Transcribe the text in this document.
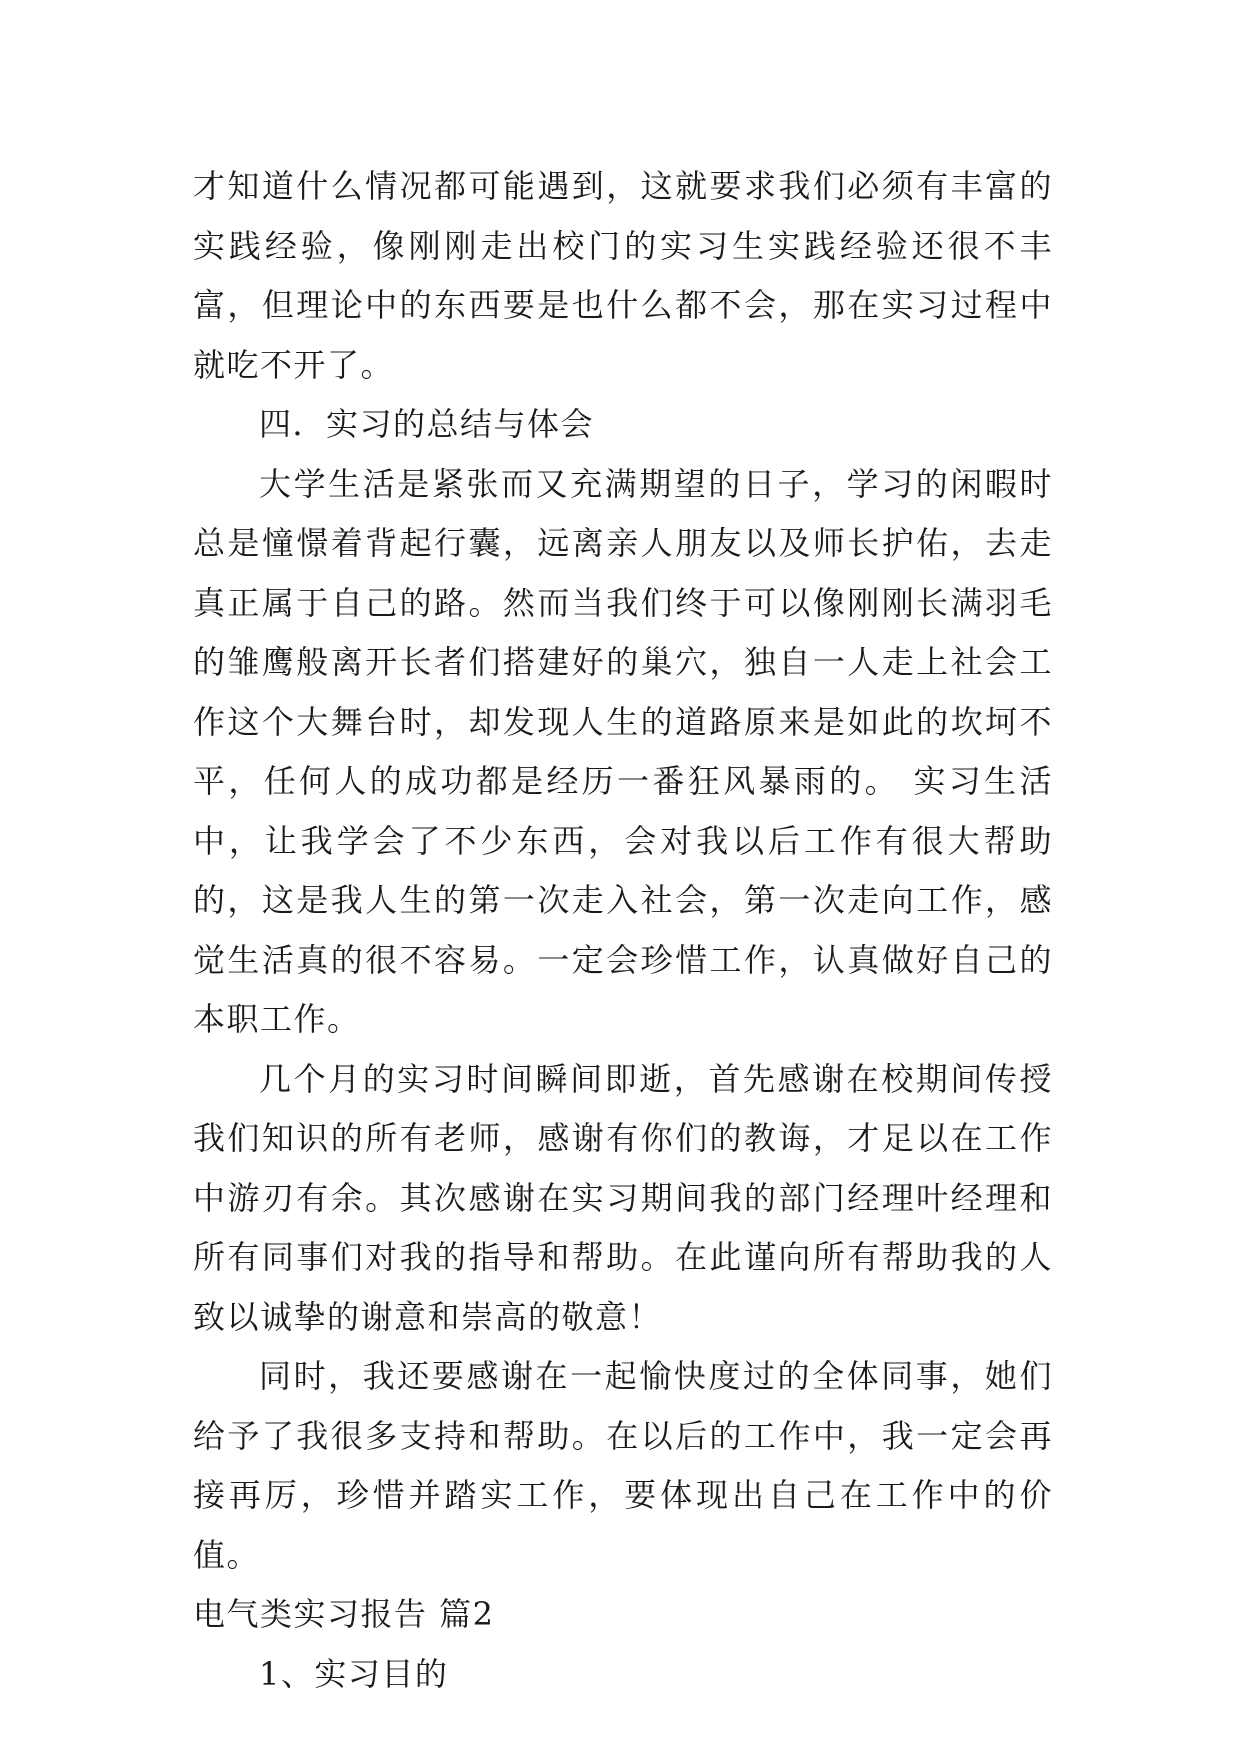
才知道什么情况都可能遇到，这就要求我们必须有丰富的实践经验，像刚刚走出校门的实习生实践经验还很不丰富，但理论中的东西要是也什么都不会，那在实习过程中就吃不开了。

四．实习的总结与体会

大学生活是紧张而又充满期望的日子，学习的闲暇时总是憧憬着背起行囊，远离亲人朋友以及师长护佑，去走真正属于自己的路。然而当我们终于可以像刚刚长满羽毛的雏鹰般离开长者们搭建好的巢穴，独自一人走上社会工作这个大舞台时，却发现人生的道路原来是如此的坎坷不平，任何人的成功都是经历一番狂风暴雨的。 实习生活中，让我学会了不少东西，会对我以后工作有很大帮助的，这是我人生的第一次走入社会，第一次走向工作，感觉生活真的很不容易。一定会珍惜工作，认真做好自己的本职工作。

几个月的实习时间瞬间即逝，首先感谢在校期间传授我们知识的所有老师，感谢有你们的教诲，才足以在工作中游刃有余。其次感谢在实习期间我的部门经理叶经理和所有同事们对我的指导和帮助。在此谨向所有帮助我的人致以诚挚的谢意和崇高的敬意！

同时，我还要感谢在一起愉快度过的全体同事，她们给予了我很多支持和帮助。在以后的工作中，我一定会再接再厉，珍惜并踏实工作，要体现出自己在工作中的价值。

电气类实习报告 篇2

1、实习目的
